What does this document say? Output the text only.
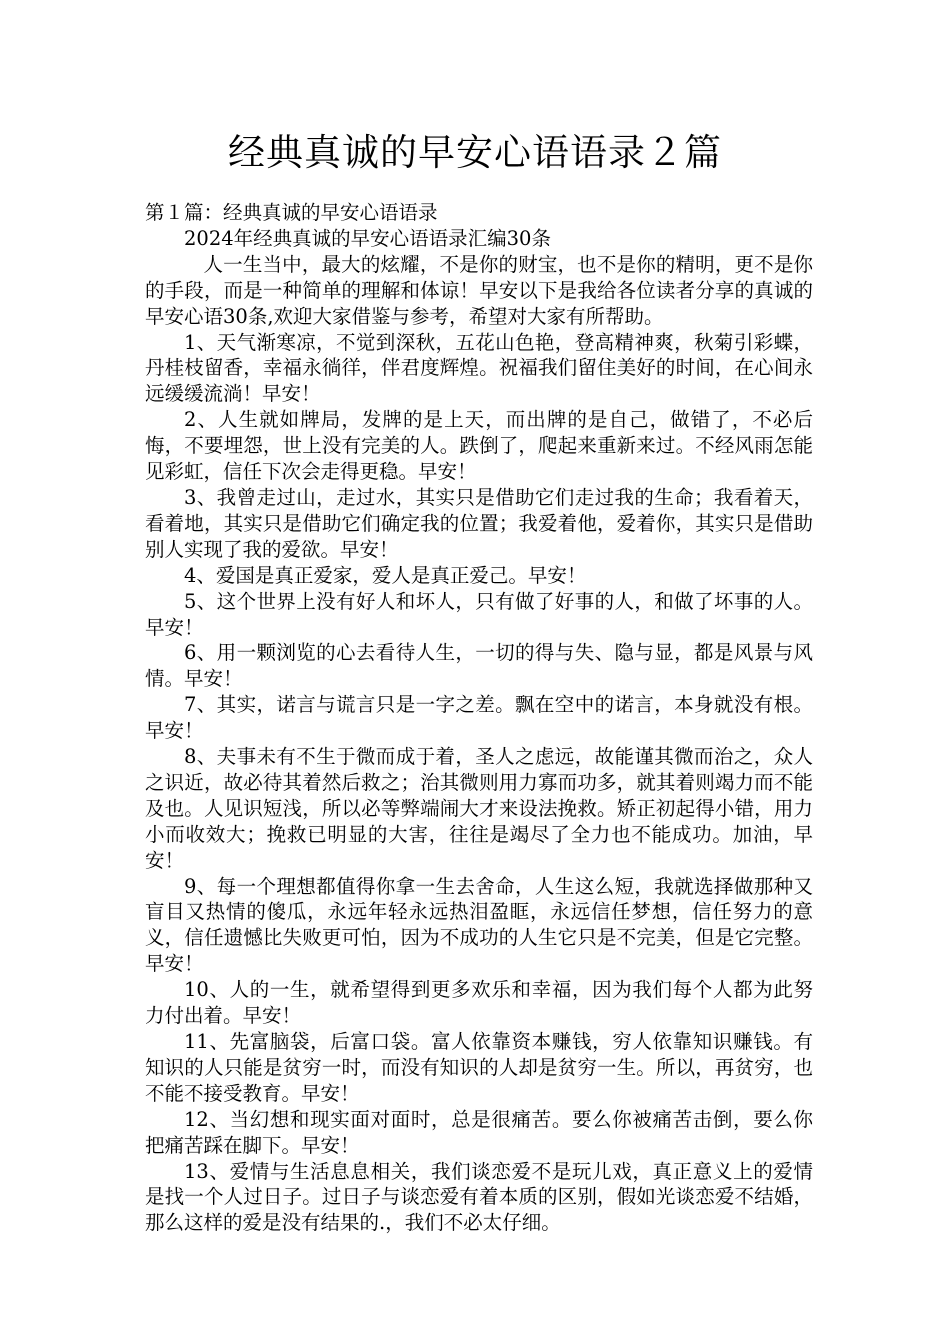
经典真诚的早安心语语录２篇

第１篇：经典真诚的早安心语语录

2024年经典真诚的早安心语语录汇编30条

人一生当中，最大的炫耀，不是你的财宝，也不是你的精明，更不是你的手段，而是一种简单的理解和体谅！早安以下是我给各位读者分享的真诚的早安心语30条,欢迎大家借鉴与参考，希望对大家有所帮助。

1、天气渐寒凉，不觉到深秋，五花山色艳，登高精神爽，秋菊引彩蝶，丹桂枝留香，幸福永徜徉，伴君度辉煌。祝福我们留住美好的时间，在心间永远缓缓流淌！早安！

2、人生就如牌局，发牌的是上天，而出牌的是自己，做错了，不必后悔，不要埋怨，世上没有完美的人。跌倒了，爬起来重新来过。不经风雨怎能见彩虹，信任下次会走得更稳。早安！

3、我曾走过山，走过水，其实只是借助它们走过我的生命；我看着天，看着地，其实只是借助它们确定我的位置；我爱着他，爱着你，其实只是借助别人实现了我的爱欲。早安！

4、爱国是真正爱家，爱人是真正爱己。早安！

5、这个世界上没有好人和坏人，只有做了好事的人，和做了坏事的人。早安！

6、用一颗浏览的心去看待人生，一切的得与失、隐与显，都是风景与风情。早安！

7、其实，诺言与谎言只是一字之差。飘在空中的诺言，本身就没有根。早安！

8、夫事未有不生于微而成于着，圣人之虑远，故能谨其微而治之，众人之识近，故必待其着然后救之；治其微则用力寡而功多，就其着则竭力而不能及也。人见识短浅，所以必等弊端闹大才来设法挽救。矫正初起得小错，用力小而收效大；挽救已明显的大害，往往是竭尽了全力也不能成功。加油，早安！

9、每一个理想都值得你拿一生去舍命，人生这么短，我就选择做那种又盲目又热情的傻瓜，永远年轻永远热泪盈眶，永远信任梦想，信任努力的意义，信任遗憾比失败更可怕，因为不成功的人生它只是不完美，但是它完整。早安！

10、人的一生，就希望得到更多欢乐和幸福，因为我们每个人都为此努力付出着。早安！

11、先富脑袋，后富口袋。富人依靠资本赚钱，穷人依靠知识赚钱。有知识的人只能是贫穷一时，而没有知识的人却是贫穷一生。所以，再贫穷，也不能不接受教育。早安！

12、当幻想和现实面对面时，总是很痛苦。要么你被痛苦击倒，要么你把痛苦踩在脚下。早安！

13、爱情与生活息息相关，我们谈恋爱不是玩儿戏，真正意义上的爱情是找一个人过日子。过日子与谈恋爱有着本质的区别，假如光谈恋爱不结婚，那么这样的爱是没有结果的.，我们不必太仔细。
